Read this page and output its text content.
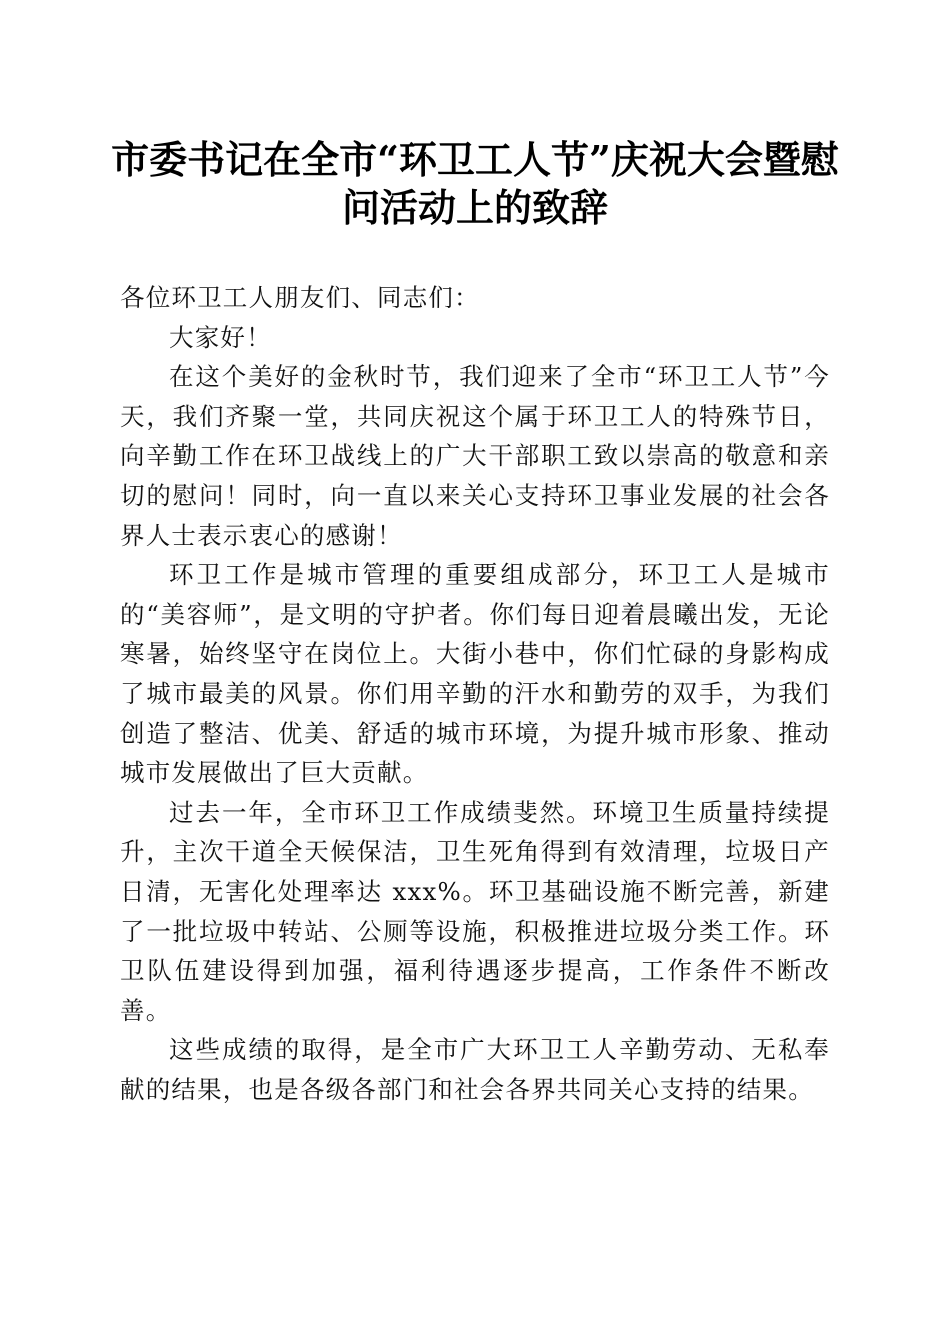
市委书记在全市“环卫工人节”庆祝大会暨慰
问活动上的致辞

各位环卫工人朋友们、同志们：

大家好！

在这个美好的金秋时节，我们迎来了全市“环卫工人节”今天，我们齐聚一堂，共同庆祝这个属于环卫工人的特殊节日，向辛勤工作在环卫战线上的广大干部职工致以崇高的敬意和亲切的慰问！同时，向一直以来关心支持环卫事业发展的社会各界人士表示衷心的感谢！

环卫工作是城市管理的重要组成部分，环卫工人是城市的“美容师”，是文明的守护者。你们每日迎着晨曦出发，无论寒暑，始终坚守在岗位上。大街小巷中，你们忙碌的身影构成了城市最美的风景。你们用辛勤的汗水和勤劳的双手，为我们创造了整洁、优美、舒适的城市环境，为提升城市形象、推动城市发展做出了巨大贡献。

过去一年，全市环卫工作成绩斐然。环境卫生质量持续提升，主次干道全天候保洁，卫生死角得到有效清理，垃圾日产日清，无害化处理率达 xxx%。环卫基础设施不断完善，新建了一批垃圾中转站、公厕等设施，积极推进垃圾分类工作。环卫队伍建设得到加强，福利待遇逐步提高，工作条件不断改善。

这些成绩的取得，是全市广大环卫工人辛勤劳动、无私奉献的结果，也是各级各部门和社会各界共同关心支持的结果。
